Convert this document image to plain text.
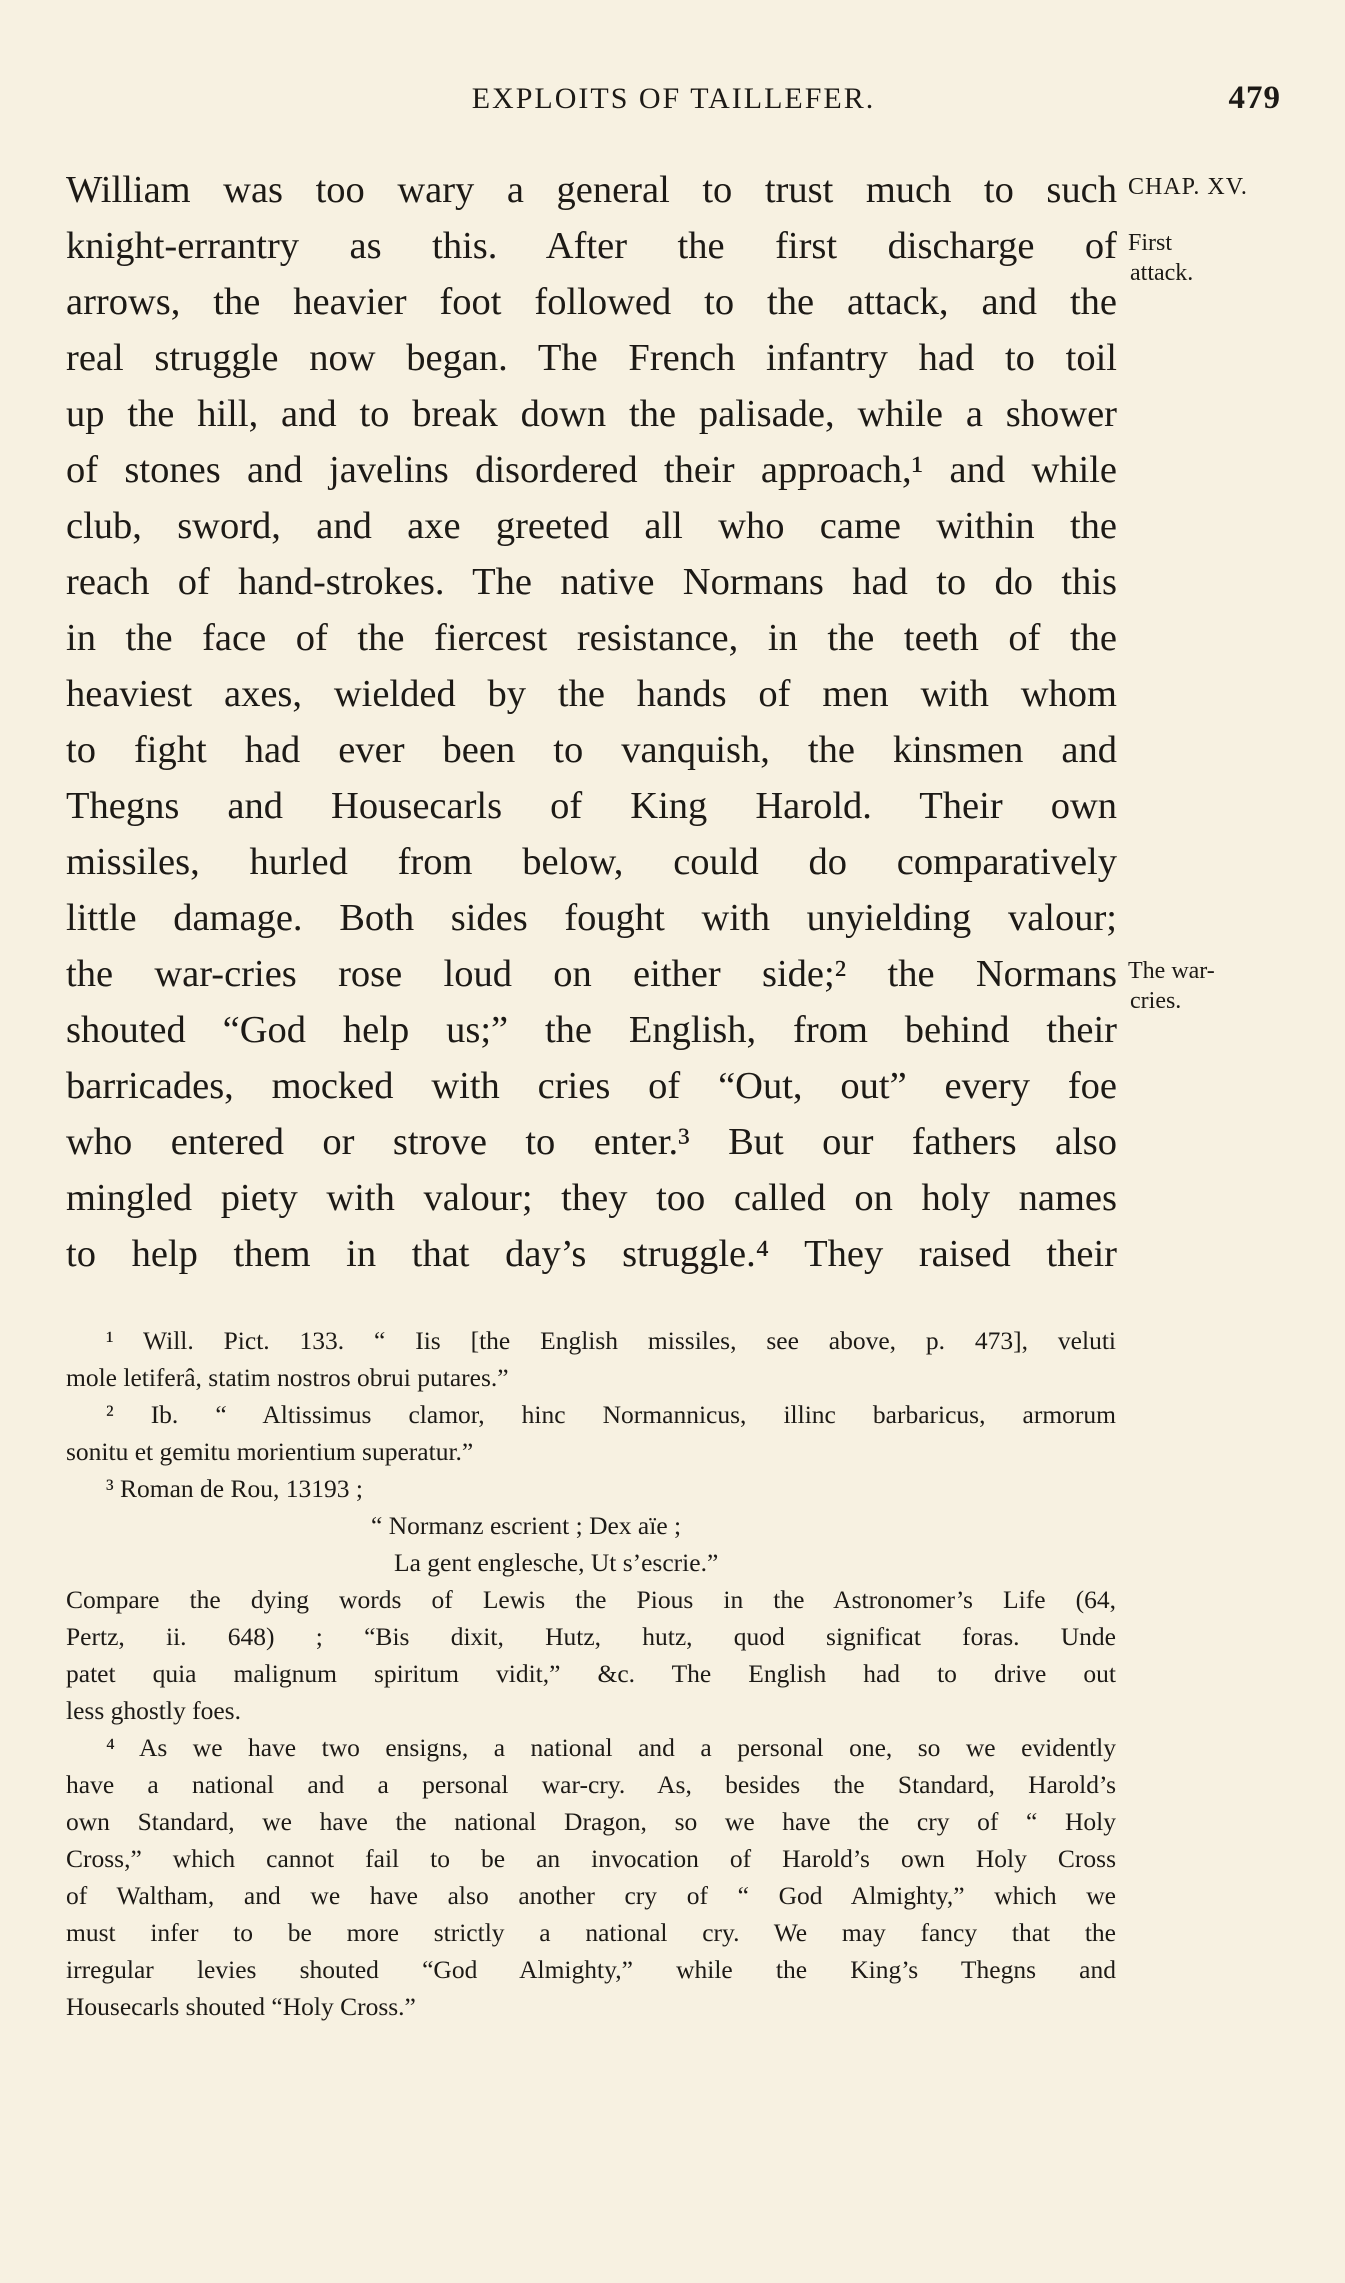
EXPLOITS OF TAILLEFER.	479
William was too wary a general to trust much to such
knight-errantry as this. After the first discharge of
arrows, the heavier foot followed to the attack, and the
real struggle now began. The French infantry had to toil
up the hill, and to break down the palisade, while a shower
of stones and javelins disordered their approach,¹ and while
club, sword, and axe greeted all who came within the
reach of hand-strokes. The native Normans had to do this
in the face of the fiercest resistance, in the teeth of the
heaviest axes, wielded by the hands of men with whom
to fight had ever been to vanquish, the kinsmen and
Thegns and Housecarls of King Harold. Their own
missiles, hurled from below, could do comparatively
little damage. Both sides fought with unyielding valour;
the war-cries rose loud on either side;² the Normans
shouted “God help us;” the English, from behind their
barricades, mocked with cries of “Out, out” every foe
who entered or strove to enter.³ But our fathers also
mingled piety with valour; they too called on holy names
to help them in that day’s struggle.⁴ They raised their
CHAP. XV.
First
attack.
The war-
cries.
¹ Will. Pict. 133. “ Iis [the English missiles, see above, p. 473], veluti
mole letiferâ, statim nostros obrui putares.”
² Ib. “ Altissimus clamor, hinc Normannicus, illinc barbaricus, armorum
sonitu et gemitu morientium superatur.”
³ Roman de Rou, 13193 ;
“ Normanz escrient ; Dex aïe ;
La gent englesche, Ut s’escrie.”
Compare the dying words of Lewis the Pious in the Astronomer’s Life (64,
Pertz, ii. 648) ; “Bis dixit, Hutz, hutz, quod significat foras. Unde
patet quia malignum spiritum vidit,” &c. The English had to drive out
less ghostly foes.
⁴ As we have two ensigns, a national and a personal one, so we evidently
have a national and a personal war-cry. As, besides the Standard, Harold’s
own Standard, we have the national Dragon, so we have the cry of “ Holy
Cross,” which cannot fail to be an invocation of Harold’s own Holy Cross
of Waltham, and we have also another cry of “ God Almighty,” which we
must infer to be more strictly a national cry. We may fancy that the
irregular levies shouted “God Almighty,” while the King’s Thegns and
Housecarls shouted “Holy Cross.”
